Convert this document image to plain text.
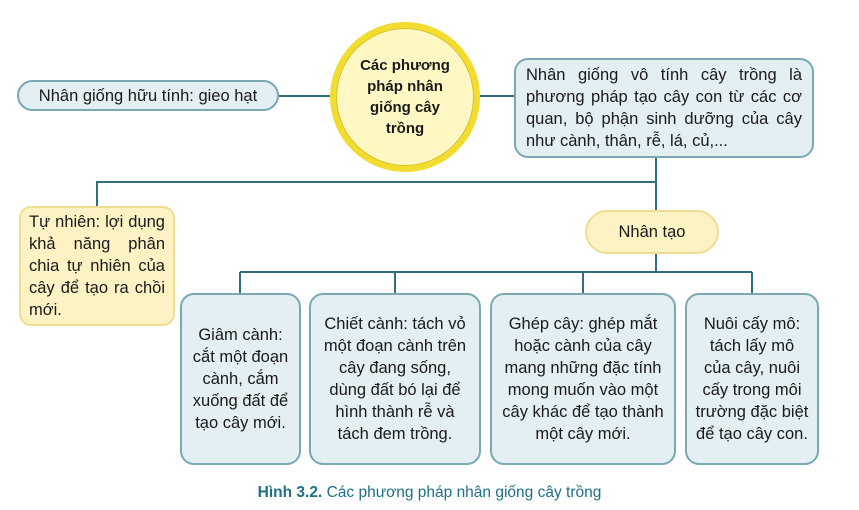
Nhân giống hữu tính: gieo hạt
Các phương pháp nhân giống cây trồng
Nhân giống vô tính cây trồng là phương pháp tạo cây con từ các cơ quan, bộ phận sinh dưỡng của cây như cành, thân, rễ, lá, củ,...
Tự nhiên: lợi dụng khả năng phân chia tự nhiên của cây để tạo ra chồi mới.
Nhân tạo
Giâm cành: cắt một đoạn cành, cắm xuống đất để tạo cây mới.
Chiết cành: tách vỏ một đoạn cành trên cây đang sống, dùng đất bó lại để hình thành rễ và tách đem trồng.
Ghép cây: ghép mắt hoặc cành của cây mang những đặc tính mong muốn vào một cây khác để tạo thành một cây mới.
Nuôi cấy mô: tách lấy mô của cây, nuôi cấy trong môi trường đặc biệt để tạo cây con.
Hình 3.2. Các phương pháp nhân giống cây trồng
